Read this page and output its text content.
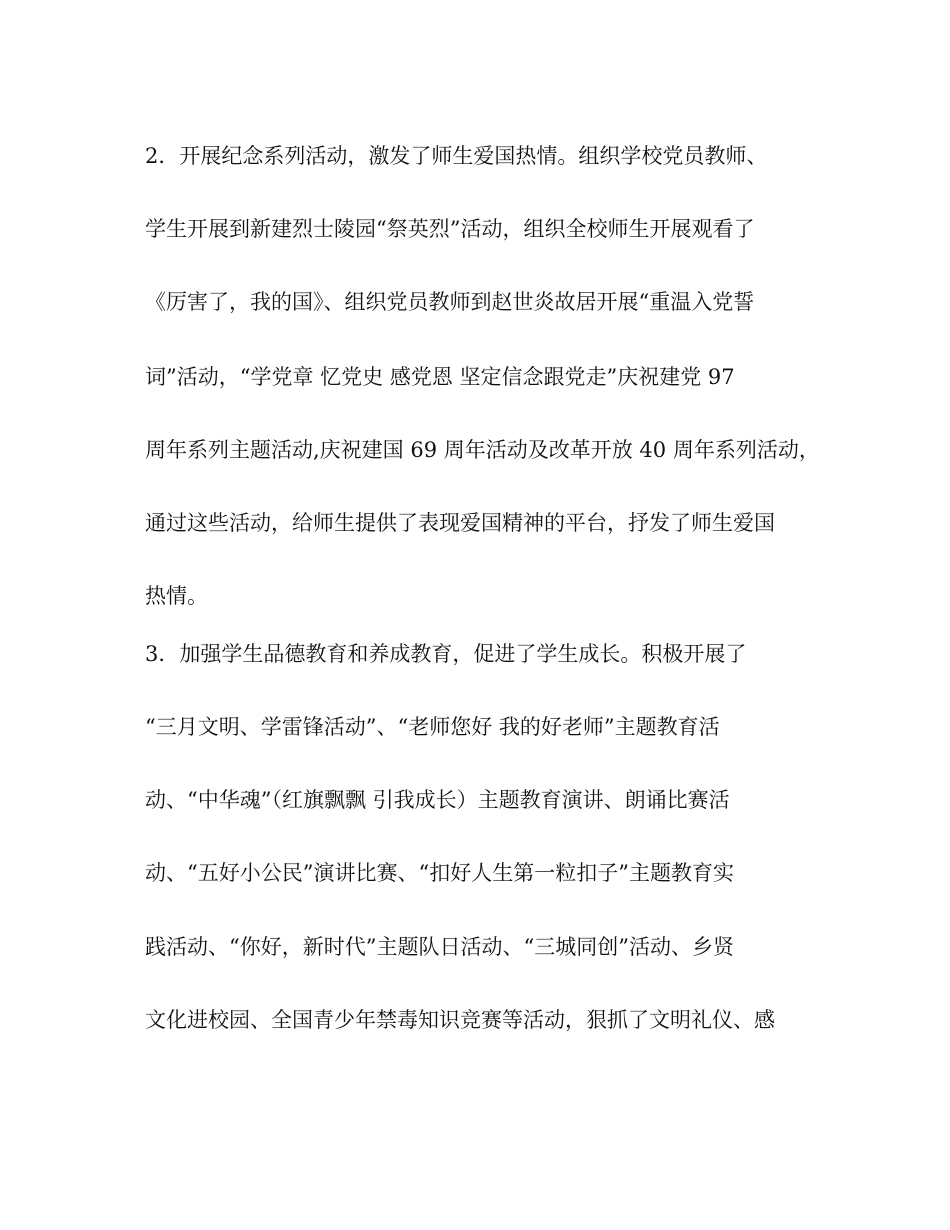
2．开展纪念系列活动，激发了师生爱国热情。组织学校党员教师、
学生开展到新建烈士陵园“祭英烈”活动，组织全校师生开展观看了
《厉害了，我的国》、组织党员教师到赵世炎故居开展“重温入党誓
词”活动，“学党章 忆党史 感党恩 坚定信念跟党走”庆祝建党 97
周年系列主题活动,庆祝建国 69 周年活动及改革开放 40 周年系列活动，
通过这些活动，给师生提供了表现爱国精神的平台，抒发了师生爱国
热情。
3．加强学生品德教育和养成教育，促进了学生成长。积极开展了
“三月文明、学雷锋活动”、“老师您好 我的好老师”主题教育活
动、“中华魂”（红旗飘飘 引我成长）主题教育演讲、朗诵比赛活
动、“五好小公民”演讲比赛、“扣好人生第一粒扣子”主题教育实
践活动、“你好，新时代”主题队日活动、“三城同创”活动、乡贤
文化进校园、全国青少年禁毒知识竞赛等活动，狠抓了文明礼仪、感
